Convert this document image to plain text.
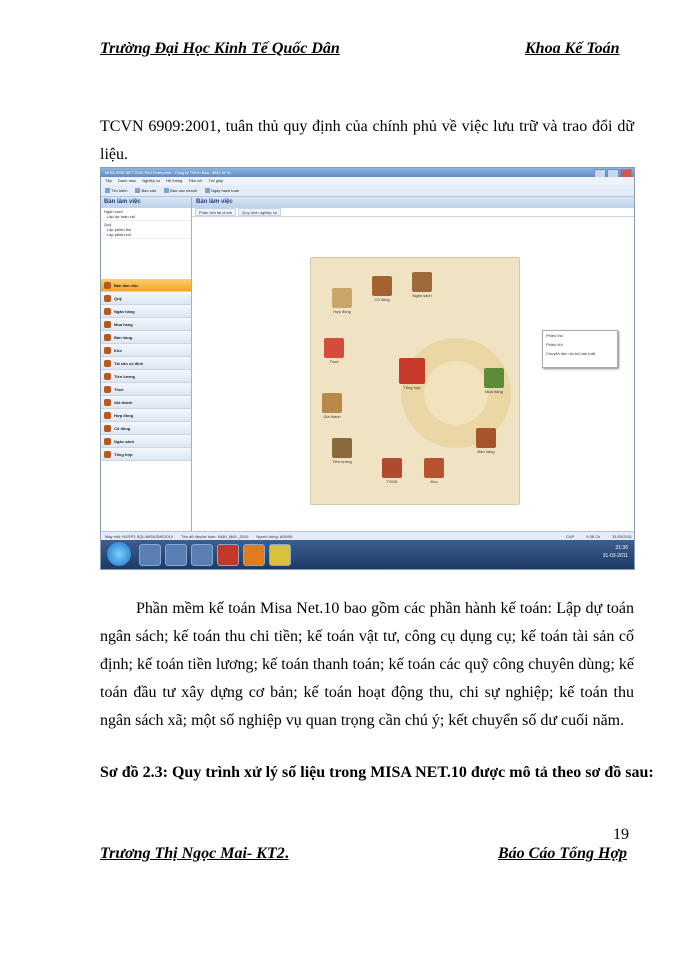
Trường Đại Học Kinh Tế Quốc Dân	Khoa Kế Toán
TCVN 6909:2001, tuân thủ quy định của chính phủ về việc lưu trữ và trao đổi dữ liệu.
MISA SME.NET 2010 R40 Enterprise - Công ty TNHH Bảo - Điện tử XL
Tệp Danh mục Nghiệp vụ Hệ thống Tiện ích Trợ giúp
Tìm kiếm	Báo cáo	Báo cáo nhanh	Ngày hạch toán
Bàn làm việc
Ngân sách
Lập dự toán chi
Quỹ
Lập phiếu thu
Lập phiếu chi
Bàn làm việc
Quỹ
Ngân hàng
Mua hàng
Bán hàng
Kho
Tài sản cố định
Tiền lương
Thuế
Giá thành
Hợp đồng
Cổ đông
Ngân sách
Tổng hợp
Bàn làm việc
Phân tích tài chính	Quy trình nghiệp vụ
Hợp đồng
Cổ đông
Ngân sách
Thuế
Tổng hợp
Giá thành
Mua hàng
Tiền lương
Bán hàng
TSCĐ	Kho
Phiếu thu
Phiếu chi
Chuyển tiền nội bộ bán mặt
Máy chủ: NXSP3 SQL/MISASME2010 Tên dữ liệu/kế toán: NAM_MAY_2010 Người dùng: ADMIN	CAP	9:38 Ch	31/03/2011
21:36
31-03-2011
Phần mềm kế toán Misa Net.10 bao gồm các phần hành kế toán: Lập dự toán ngân sách; kế toán thu chi tiền; kế toán vật tư, công cụ dụng cụ; kế toán tài sản cố định; kế toán tiền lương; kế toán thanh toán; kế toán các quỹ công chuyên dùng; kế toán đầu tư xây dựng cơ bản; kế toán hoạt động thu, chi sự nghiệp; kế toán thu ngân sách xã; một số nghiệp vụ quan trọng cần chú ý; kết chuyển số dư cuối năm.
Sơ đồ 2.3: Quy trình xử lý số liệu trong MISA NET.10 được mô tả theo sơ đồ sau:
19
Trương Thị Ngọc Mai- KT2.	Báo Cáo Tổng Hợp
